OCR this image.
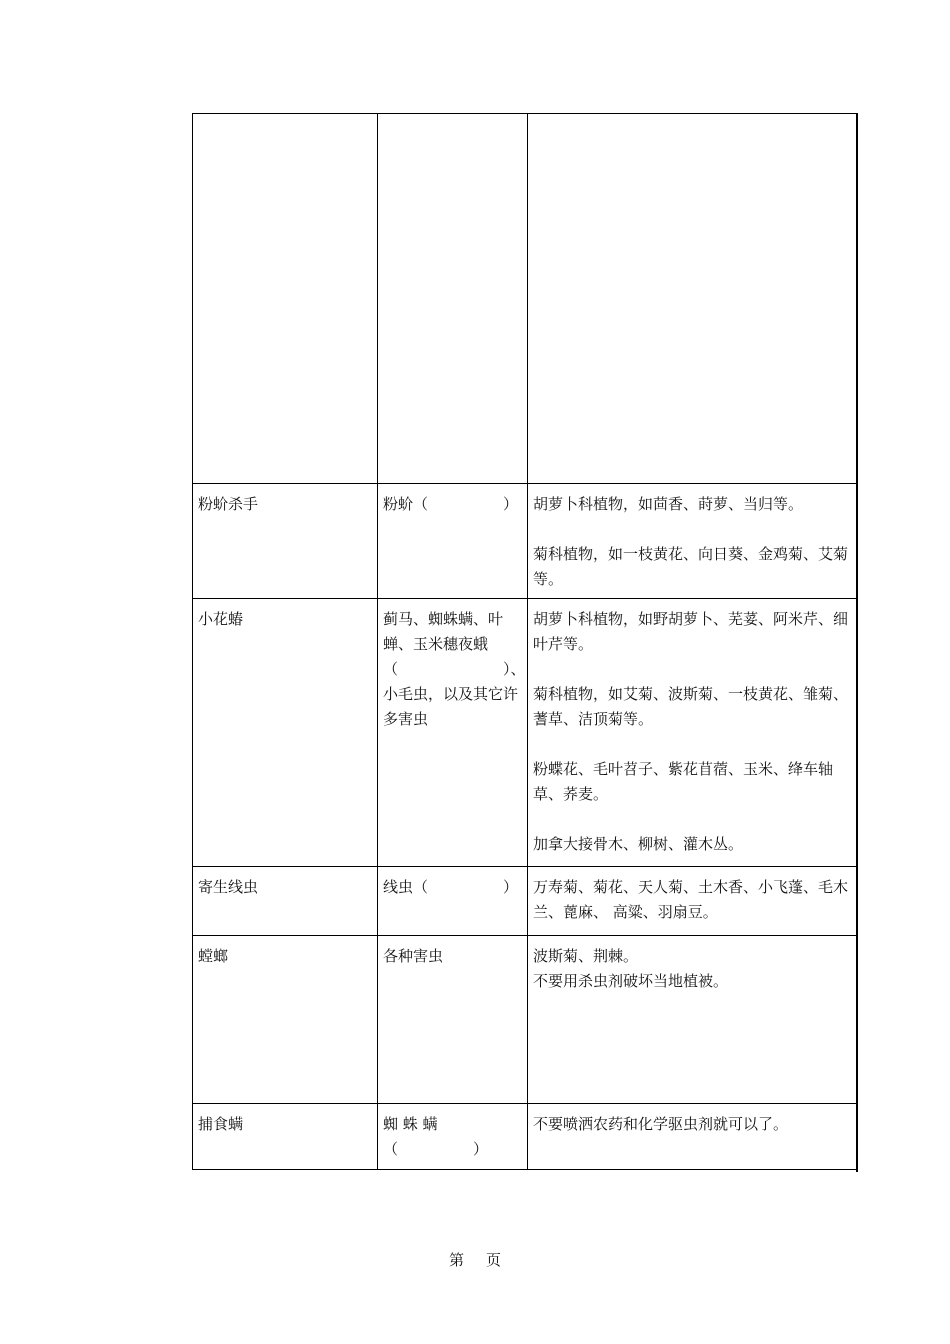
粉蚧杀手	粉蚧（　　　　　）	胡萝卜科植物，如茴香、莳萝、当归等。

菊科植物，如一枝黄花、向日葵、金鸡菊、艾菊等。

小花蝽	蓟马、蜘蛛螨、叶蝉、玉米穗夜蛾（　　　　　　　）、小毛虫，以及其它许多害虫	胡萝卜科植物，如野胡萝卜、芜荽、阿米芹、细叶芹等。

菊科植物，如艾菊、波斯菊、一枝黄花、雏菊、蓍草、洁顶菊等。

粉蝶花、毛叶苕子、紫花苜蓿、玉米、绛车轴草、荞麦。

加拿大接骨木、柳树、灌木丛。

寄生线虫	线虫（　　　　　）	万寿菊、菊花、天人菊、土木香、小飞蓬、毛木兰、蓖麻、 高粱、羽扇豆。

螳螂	各种害虫	波斯菊、荆棘。

不要用杀虫剂破坏当地植被。

捕食螨	蜘 蛛 螨 （　　　　　）	不要喷洒农药和化学驱虫剂就可以了。

第 页
